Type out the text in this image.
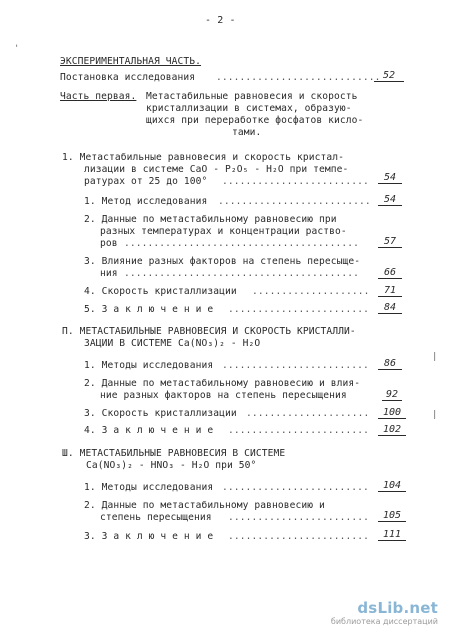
- 2 -
ЭКСПЕРИМЕНТАЛЬНАЯ ЧАСТЬ.
Постановка исследования ............................ 52
Часть первая. Метастабильные равновесия и скорость
кристаллизации в системах, образую-
щихся при переработке фосфатов кисло-
тами.
1. Метастабильные равновесия и скорость кристал-
лизации в системе CaO - P₂O₅ - H₂O при темпе-
ратурах от 25 до 100° .........................	54
1. Метод исследования ..........................	54
2. Данные по метастабильному равновесию при
разных температурах и концентрации раство-
ров ........................................	57
3. Влияние разных факторов на степень пересыще-
ния ........................................	66
4. Скорость кристаллизации ....................	71
5. З а к л ю ч е н и е ........................	84
П. МЕТАСТАБИЛЬНЫЕ РАВНОВЕСИЯ И СКОРОСТЬ КРИСТАЛЛИ-
ЗАЦИИ В СИСТЕМЕ Ca(NO₃)₂ - H₂O
1. Методы исследования .........................	86
2. Данные по метастабильному равновесию и влия-
ние разных факторов на степень пересыщения	92
3. Скорость кристаллизации .....................	100
4. З а к л ю ч е н и е ........................	102
Ш. МЕТАСТАБИЛЬНЫЕ РАВНОВЕСИЯ В СИСТЕМЕ
Ca(NO₃)₂ - HNO₃ - H₂O при 50°
1. Методы исследования .........................	104
2. Данные по метастабильному равновесию и
степень пересыщения ........................	105
3. З а к л ю ч е н и е ........................	111
'
|
|
dsLib.net
библиотека диссертаций
